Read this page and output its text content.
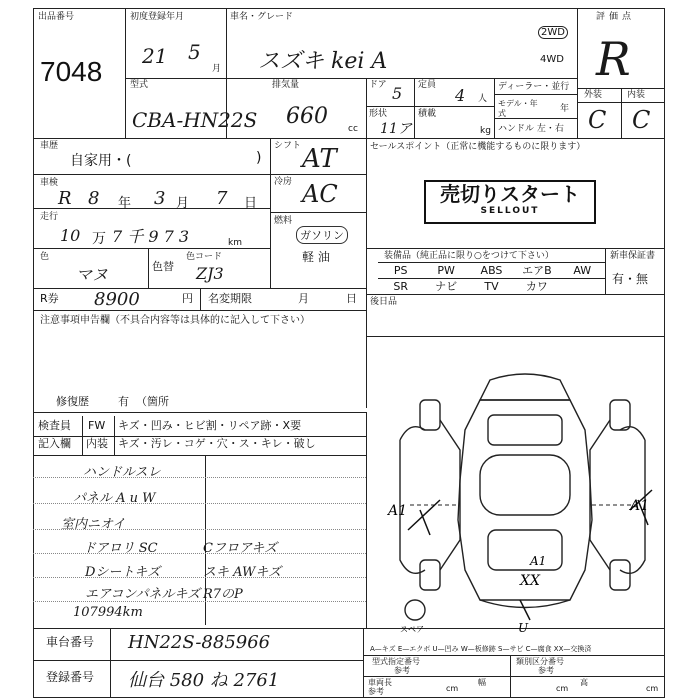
出品番号
7048
初度登録年月
21 5
月
車名・グレード
スズキ kei A
2WD
4WD
評価点
R
外装	内装
C C
型式
CBA-HN22S
排気量
660 cc
ドア 5 定員
4 人
形状
11ア
積載
kg
ディーラー・並行
モデル・年式	年
ハンドル 左・右
車歴
自家用・(	)
シフト AT
車検
R 8 年 3 月 7 日
冷房 AC
走行
10 万 7 千 9 7 3	km
燃料
ガソリン
軽 油
色
マヌ	色替
色コード
ZJ3
R券 8900	円 名変期限	月	日
注意事項申告欄（不具合内容等は具体的に記入して下さい）
修復歴	有 （箇所
セールスポイント（正常に機能するものに限ります）
売切りスタート
SELLOUT
装備品（純正品に限り○をつけて下さい）	新車保証書
有・無
PS	PW	ABS	エアB	AW
SR	ナビ	TV	カワ
後日品
検査員
記入欄
FW キズ・凹み・ヒビ割・リペア跡・X要
内装 キズ・汚レ・コゲ・穴・ス・キレ・破し
ハンドルスレ
パネル A u W
室内ニオイ
ドアロリ SC	Cフロアキズ
Dシートキズ	スキ AWキズ
エアコンパネルキズ R7のP
107994km
車台番号 HN22S-885966
登録番号 仙台 580 ね 2761
A—キズ E—エクボ U—凹み W—板修跡 S—サビ C—腐食 XX—交換済
型式指定番号
参考
類別区分番号
参考
車両長
参考	cm
幅
cm
高
cm
A1	A1
A1
XX
U
スペア
